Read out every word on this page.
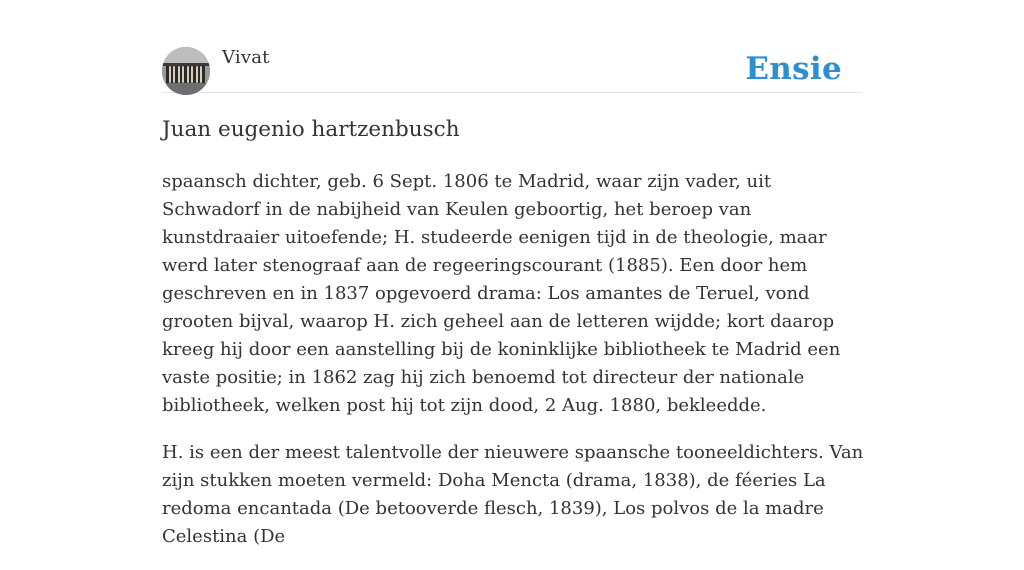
Vivat	Ensie
Juan eugenio hartzenbusch

spaansch dichter, geb. 6 Sept. 1806 te Madrid, waar zijn vader, uit Schwadorf in de nabijheid van Keulen geboortig, het beroep van kunstdraaier uitoefende; H. studeerde eenigen tijd in de theologie, maar werd later stenograaf aan de regeeringscourant (1885). Een door hem geschreven en in 1837 opgevoerd drama: Los amantes de Teruel, vond grooten bijval, waarop H. zich geheel aan de letteren wijdde; kort daarop kreeg hij door een aanstelling bij de koninklijke bibliotheek te Madrid een vaste positie; in 1862 zag hij zich benoemd tot directeur der nationale bibliotheek, welken post hij tot zijn dood, 2 Aug. 1880, bekleedde.

H. is een der meest talentvolle der nieuwere spaansche tooneeldichters. Van zijn stukken moeten vermeld: Doha Mencta (drama, 1838), de féeries La redoma encantada (De betooverde flesch, 1839), Los polvos de la madre Celestina (De
